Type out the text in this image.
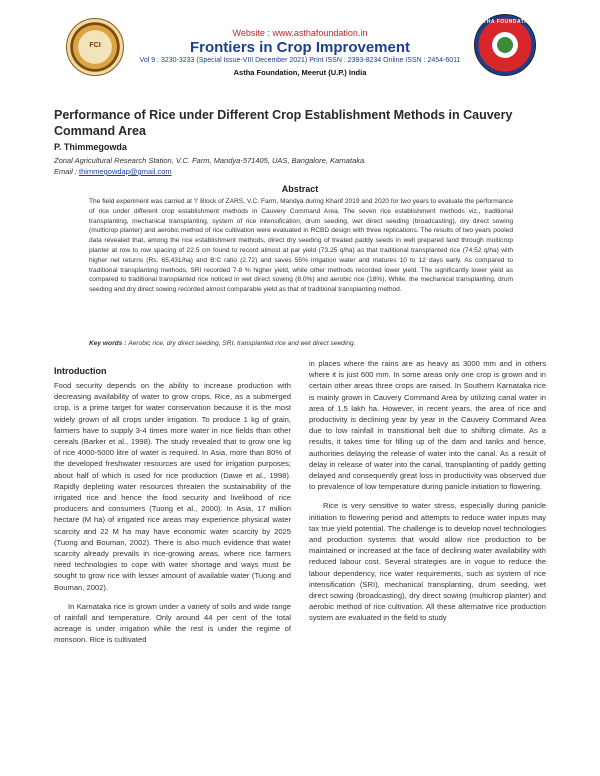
FCI
ASTHA FOUNDATION
Website : www.asthafoundation.in
Frontiers in Crop Improvement
Vol 9 : 3230-3233 (Special Issue-VIII December 2021) Print ISSN : 2393-8234 Online ISSN : 2454-6011
Astha Foundation, Meerut (U.P.) India
Performance of Rice under Different Crop Establishment Methods in Cauvery Command Area
P. Thimmegowda
Zonal Agricultural Research Station, V.C. Farm, Mandya-571405, UAS, Bangalore, Karnataka.
Email : thimmegowdap@gmail.com
Abstract
The field experiment was carried at 'I' Block of ZARS, V.C. Farm, Mandya during Kharif 2019 and 2020 for two years to evaluate the performance of rice under different crop establishment methods in Cauvery Command Area. The seven rice establishment methods viz., traditional transplanting, mechanical transplanting, system of rice intensification, drum seeding, wet direct seeding (broadcasting), dry direct sowing (multicrop planter) and aerobic method of rice cultivation were evaluated in RCBD design with three replications. The results of two years pooled data revealed that, among the rice establishment methods, direct dry seeding of treated paddy seeds in well prepared land through multicrop planter at row to row spacing of 22.5 cm found to record almost at par yield (73.25 q/ha) as that traditional transplanted rice (74.52 q/ha) with higher net returns (Rs. 65,431/ha) and B:C ratio (2.72) and saves 55% irrigation water and matures 10 to 12 days early. As compared to traditional transplanting methods, SRI recorded 7-8 % higher yield, while other methods recorded lower yield. The significantly lower yield as compared to traditional transplanted rice noticed in wet direct sowing (8.0%) and aerobic rice (18%). While, the mechanical transplanting, drum seeding and dry direct sowing recorded almost comparable yield as that of traditional transplanting method.
Key words : Aerobic rice, dry direct seeding, SRI, transplanted rice and wet direct seeding.
Introduction

Food security depends on the ability to increase production with decreasing availability of water to grow crops. Rice, as a submerged crop, is a prime target for water conservation because it is the most widely grown of all crops under irrigation. To produce 1 kg of grain, farmers have to supply 3-4 times more water in rice fields than other cereals (Barker et al., 1998). The study revealed that to grow one kg of rice 4000-5000 litre of water is required. In Asia, more than 80% of the developed freshwater resources are used for irrigation purposes; about half of which is used for rice production (Dawe et al., 1998). Rapidly depleting water resources threaten the sustainability of the irrigated rice and hence the food security and livelihood of rice producers and consumers (Tuong et al., 2000). In Asia, 17 million hectare (M ha) of irrigated rice areas may experience physical water scarcity and 22 M ha may have economic water scarcity by 2025 (Tuong and Bouman, 2002). There is also much evidence that water scarcity already prevails in rice-growing areas, where rice farmers need technologies to cope with water shortage and ways must be sought to grow rice with lesser amount of available water (Tuong and Bouman, 2002).

In Karnataka rice is grown under a variety of soils and wide range of rainfall and temperature. Only around 44 per cent of the total acreage is under irrigation while the rest is under the regime of monsoon. Rice is cultivated

in places where the rains are as heavy as 3000 mm and in others where it is just 600 mm. In some areas only one crop is grown and in certain other areas three crops are raised. In Southern Karnataka rice is mainly grown in Cauvery Command Area by utilizing canal water in area of 1.5 lakh ha. However, in recent years, the area of rice and productivity is declining year by year in the Cauvery Command Area due to low rainfall in transitional belt due to shifting climate. As a results, it takes time for filling up of the dam and tanks and hence, authorities delaying the release of water into the canal. As a result of delay in release of water into the canal, transplanting of paddy getting delayed and consequently great loss in productivity was observed due to prevalence of low temperature during panicle initiation to flowering.

Rice is very sensitive to water stress, especially during panicle initiation to flowering period and attempts to reduce water inputs may tax true yield potential. The challenge is to develop novel technologies and production systems that would allow rice production to be maintained or increased at the face of declining water availability with reduced labour cost. Several strategies are in vogue to reduce the labour dependency, rice water requirements, such as system of rice intensification (SRI), mechanical transplanting, drum seeding, wet direct sowing (broadcasting), dry direct sowing (multicrop planter) and aerobic method of rice cultivation. All these alternative rice production system are evaluated in the field to study
